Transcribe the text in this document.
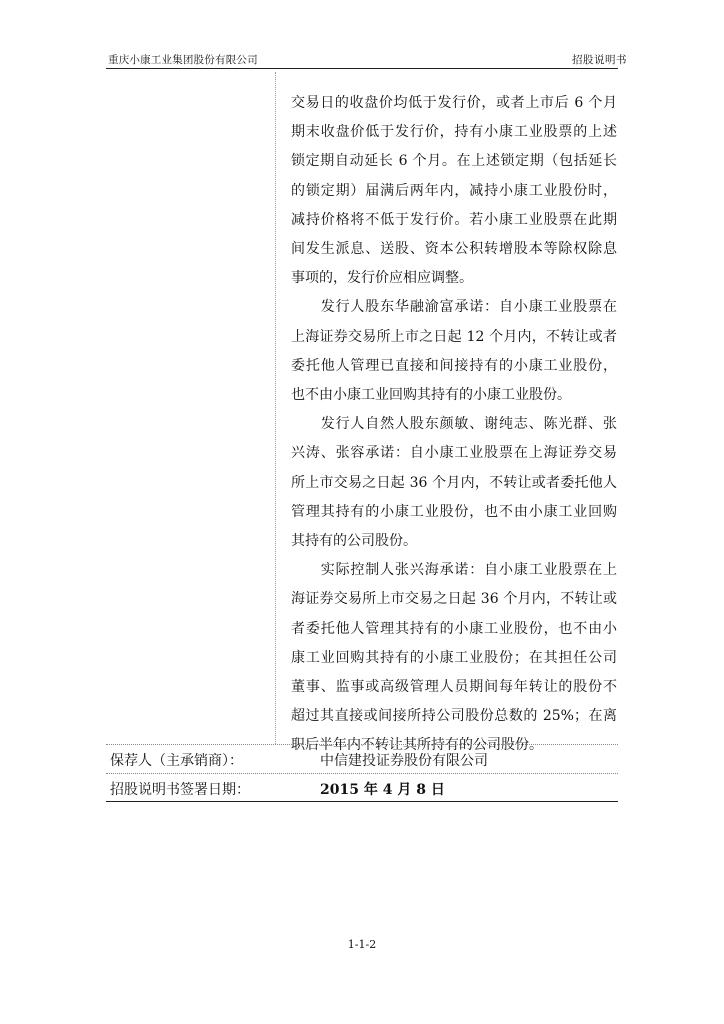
重庆小康工业集团股份有限公司	招股说明书
交易日的收盘价均低于发行价，或者上市后 6 个月
期末收盘价低于发行价，持有小康工业股票的上述
锁定期自动延长 6 个月。在上述锁定期（包括延长
的锁定期）届满后两年内，减持小康工业股份时，
减持价格将不低于发行价。若小康工业股票在此期
间发生派息、送股、资本公积转增股本等除权除息
事项的，发行价应相应调整。
　　发行人股东华融渝富承诺：自小康工业股票在
上海证券交易所上市之日起 12 个月内，不转让或者
委托他人管理已直接和间接持有的小康工业股份，
也不由小康工业回购其持有的小康工业股份。
　　发行人自然人股东颜敏、谢纯志、陈光群、张
兴涛、张容承诺：自小康工业股票在上海证券交易
所上市交易之日起 36 个月内，不转让或者委托他人
管理其持有的小康工业股份，也不由小康工业回购
其持有的公司股份。
　　实际控制人张兴海承诺：自小康工业股票在上
海证券交易所上市交易之日起 36 个月内，不转让或
者委托他人管理其持有的小康工业股份，也不由小
康工业回购其持有的小康工业股份；在其担任公司
董事、监事或高级管理人员期间每年转让的股份不
超过其直接或间接所持公司股份总数的 25%；在离
职后半年内不转让其所持有的公司股份。
保荐人（主承销商）：	中信建投证券股份有限公司
招股说明书签署日期：	2015 年 4 月 8 日
1-1-2
